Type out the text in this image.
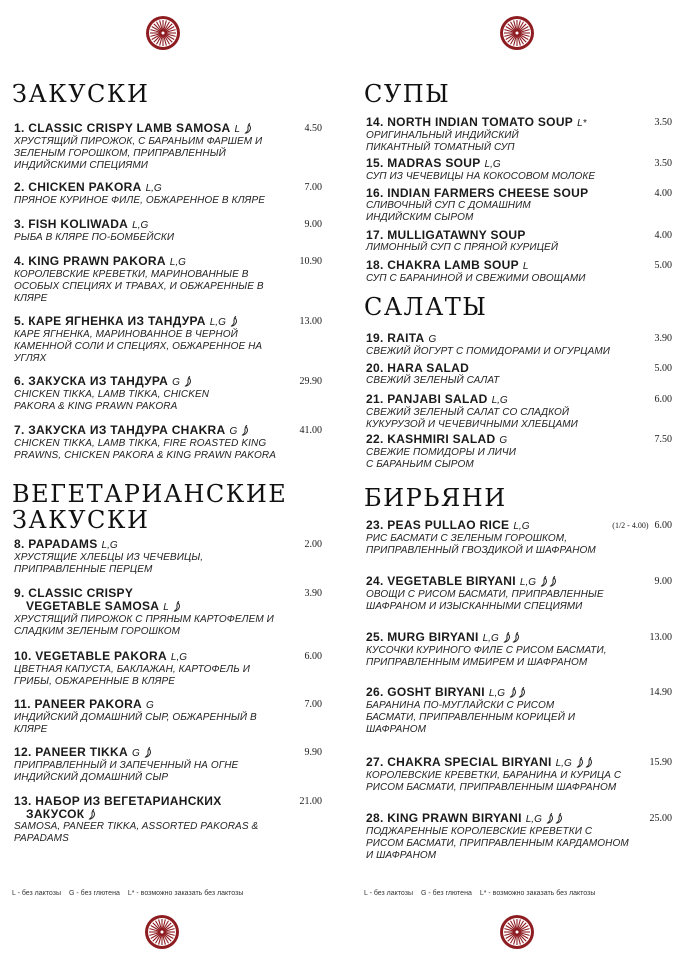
ЗАКУСКИ
ВЕГЕТАРИАНСКИЕ
ЗАКУСКИ
СУПЫ
САЛАТЫ
БИРЬЯНИ
1. CLASSIC CRISPY LAMB SAMOSA L
ХРУСТЯЩИЙ ПИРОЖОК, С БАРАНЬИМ ФАРШЕМ И
ЗЕЛЕНЫМ ГОРОШКОМ, ПРИПРАВЛЕННЫЙ
ИНДИЙСКИМИ СПЕЦИЯМИ
4.50
2. CHICKEN PAKORA L,G
ПРЯНОЕ КУРИНОЕ ФИЛЕ, ОБЖАРЕННОЕ В КЛЯРЕ
7.00
3. FISH KOLIWADA L,G
РЫБА В КЛЯРЕ ПО-БОМБЕЙСКИ
9.00
4. KING PRAWN PAKORA L,G
КОРОЛЕВСКИЕ КРЕВЕТКИ, МАРИНОВАННЫЕ В
ОСОБЫХ СПЕЦИЯХ И ТРАВАХ, И ОБЖАРЕННЫЕ В
КЛЯРЕ
10.90
5. КАРЕ ЯГНЕНКА ИЗ ТАНДУРА L,G
КАРЕ ЯГНЕНКА, МАРИНОВАННОЕ В ЧЕРНОЙ
КАМЕННОЙ СОЛИ И СПЕЦИЯХ, ОБЖАРЕННОЕ НА
УГЛЯХ
13.00
6. ЗАКУСКА ИЗ ТАНДУРА G
CHICKEN TIKKA, LAMB TIKKA, CHICKEN
PAKORA & KING PRAWN PAKORA
29.90
7. ЗАКУСКА ИЗ ТАНДУРА CHAKRA G
CHICKEN TIKKA, LAMB TIKKA, FIRE ROASTED KING
PRAWNS, CHICKEN PAKORA & KING PRAWN PAKORA
41.00
8. PAPADAMS L,G
ХРУСТЯЩИЕ ХЛЕБЦЫ ИЗ ЧЕЧЕВИЦЫ,
ПРИПРАВЛЕННЫЕ ПЕРЦЕМ
2.00
9. CLASSIC CRISPY
VEGETABLE SAMOSA L
ХРУСТЯЩИЙ ПИРОЖОК С ПРЯНЫМ КАРТОФЕЛЕМ И
СЛАДКИМ ЗЕЛЕНЫМ ГОРОШКОМ
3.90
10. VEGETABLE PAKORA L,G
ЦВЕТНАЯ КАПУСТА, БАКЛАЖАН, КАРТОФЕЛЬ И
ГРИБЫ, ОБЖАРЕННЫЕ В КЛЯРЕ
6.00
11. PANEER PAKORA G
ИНДИЙСКИЙ ДОМАШНИЙ СЫР, ОБЖАРЕННЫЙ В
КЛЯРЕ
7.00
12. PANEER TIKKA G
ПРИПРАВЛЕННЫЙ И ЗАПЕЧЕННЫЙ НА ОГНЕ
ИНДИЙСКИЙ ДОМАШНИЙ СЫР
9.90
13. НАБОР ИЗ ВЕГЕТАРИАНСКИХ
ЗАКУСОК
SAMOSA, PANEER TIKKA, ASSORTED PAKORAS &
PAPADAMS
21.00
14. NORTH INDIAN TOMATO SOUP L*
ОРИГИНАЛЬНЫЙ ИНДИЙСКИЙ
ПИКАНТНЫЙ ТОМАТНЫЙ СУП
3.50
15. MADRAS SOUP L,G
СУП ИЗ ЧЕЧЕВИЦЫ НА КОКОСОВОМ МОЛОКЕ
3.50
16. INDIAN FARMERS CHEESE SOUP
СЛИВОЧНЫЙ СУП С ДОМАШНИМ
ИНДИЙСКИМ СЫРОМ
4.00
17. MULLIGATAWNY SOUP
ЛИМОННЫЙ СУП С ПРЯНОЙ КУРИЦЕЙ
4.00
18. CHAKRA LAMB SOUP L
СУП С БАРАНИНОЙ И СВЕЖИМИ ОВОЩАМИ
5.00
19. RAITA G
СВЕЖИЙ ЙОГУРТ С ПОМИДОРАМИ И ОГУРЦАМИ
3.90
20. HARA SALAD
СВЕЖИЙ ЗЕЛЕНЫЙ САЛАТ
5.00
21. PANJABI SALAD L,G
СВЕЖИЙ ЗЕЛЕНЫЙ САЛАТ СО СЛАДКОЙ
КУКУРУЗОЙ И ЧЕЧЕВИЧНЫМИ ХЛЕБЦАМИ
6.00
22. KASHMIRI SALAD G
СВЕЖИЕ ПОМИДОРЫ И ЛИЧИ
С БАРАНЬИМ СЫРОМ
7.50
23. PEAS PULLAO RICE L,G
РИС БАСМАТИ С ЗЕЛЕНЫМ ГОРОШКОМ,
ПРИПРАВЛЕННЫЙ ГВОЗДИКОЙ И ШАФРАНОМ
(1/2 - 4.00) 6.00
24. VEGETABLE BIRYANI L,G
ОВОЩИ С РИСОМ БАСМАТИ, ПРИПРАВЛЕННЫЕ
ШАФРАНОМ И ИЗЫСКАННЫМИ СПЕЦИЯМИ
9.00
25. MURG BIRYANI L,G
КУСОЧКИ КУРИНОГО ФИЛЕ С РИСОМ БАСМАТИ,
ПРИПРАВЛЕННЫМ ИМБИРЕМ И ШАФРАНОМ
13.00
26. GOSHT BIRYANI L,G
БАРАНИНА ПО-МУГЛАЙСКИ С РИСОМ
БАСМАТИ, ПРИПРАВЛЕННЫМ КОРИЦЕЙ И
ШАФРАНОМ
14.90
27. CHAKRA SPECIAL BIRYANI L,G
КОРОЛЕВСКИЕ КРЕВЕТКИ, БАРАНИНА И КУРИЦА С
РИСОМ БАСМАТИ, ПРИПРАВЛЕННЫМ ШАФРАНОМ
15.90
28. KING PRAWN BIRYANI L,G
ПОДЖАРЕННЫЕ КОРОЛЕВСКИЕ КРЕВЕТКИ С
РИСОМ БАСМАТИ, ПРИПРАВЛЕННЫМ КАРДАМОНОМ
И ШАФРАНОМ
25.00
L - без лактозы G - без глютена L* - возможно заказать без лактозы	L - без лактозы G - без глютена L* - возможно заказать без лактозы
